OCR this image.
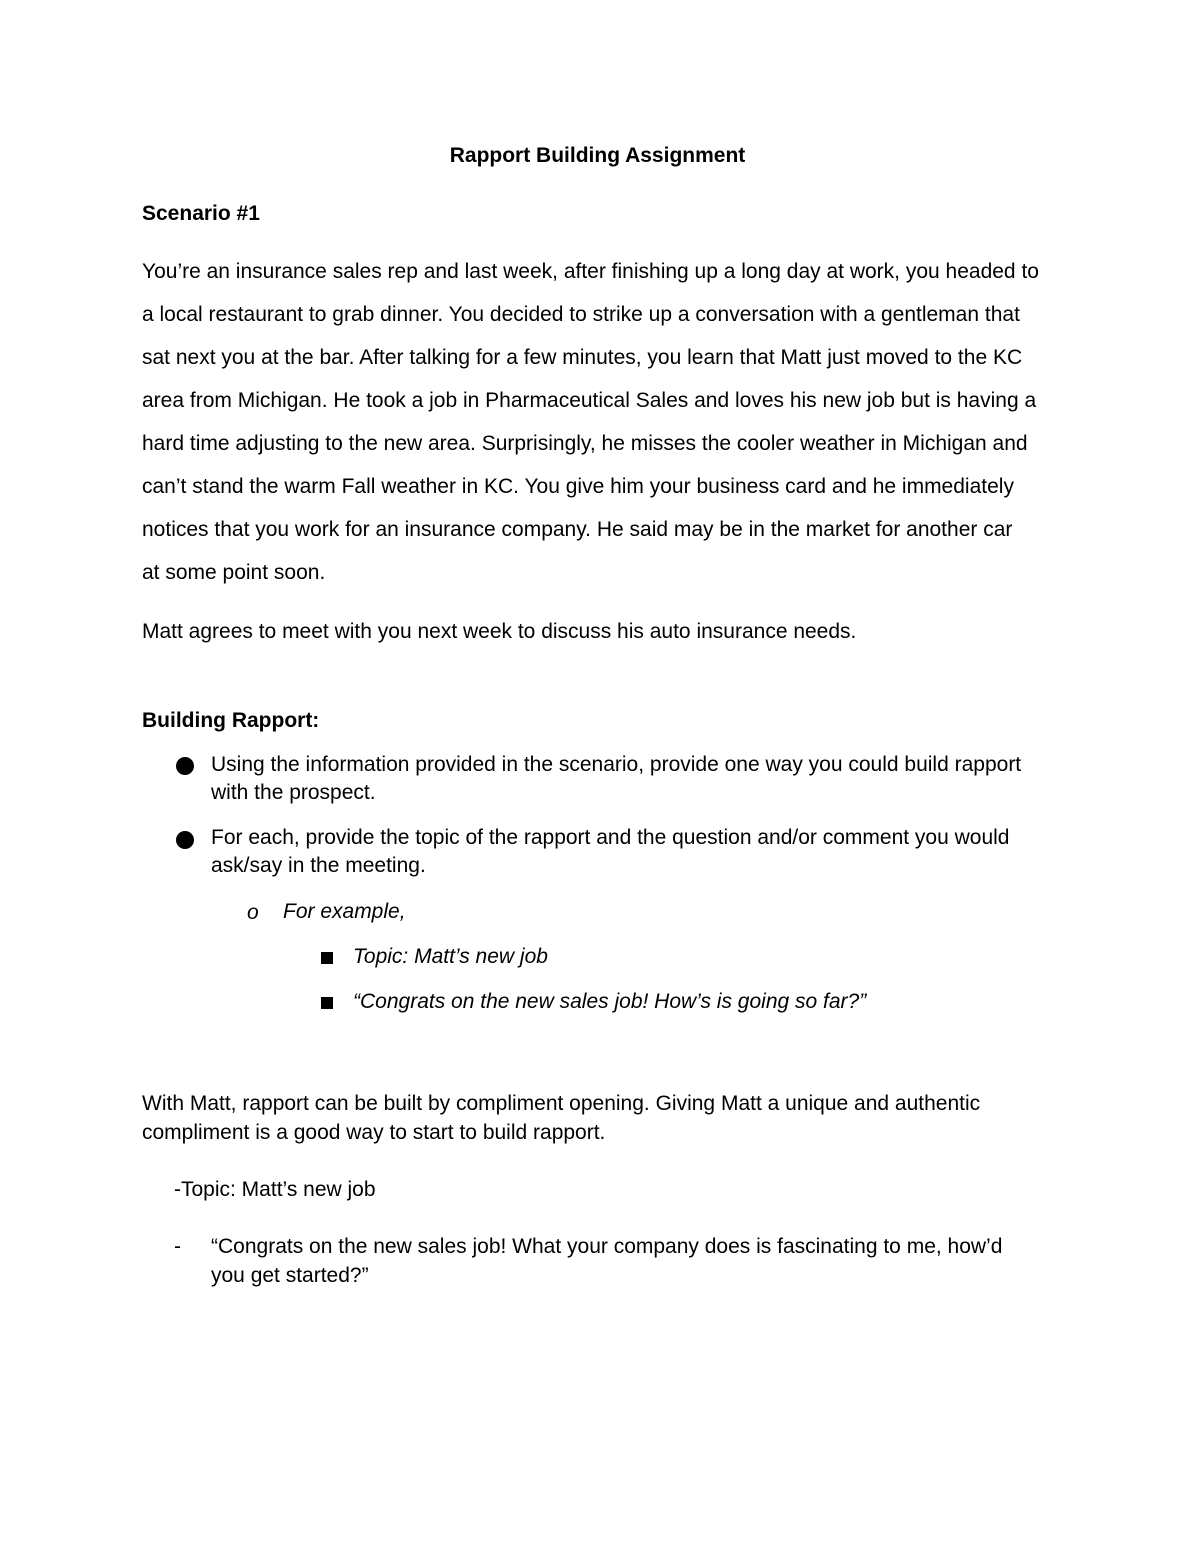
Rapport Building Assignment
Scenario #1
You’re an insurance sales rep and last week, after finishing up a long day at work, you headed to
a local restaurant to grab dinner. You decided to strike up a conversation with a gentleman that
sat next you at the bar. After talking for a few minutes, you learn that Matt just moved to the KC
area from Michigan. He took a job in Pharmaceutical Sales and loves his new job but is having a
hard time adjusting to the new area. Surprisingly, he misses the cooler weather in Michigan and
can’t stand the warm Fall weather in KC. You give him your business card and he immediately
notices that you work for an insurance company. He said may be in the market for another car
at some point soon.
Matt agrees to meet with you next week to discuss his auto insurance needs.
Building Rapport:
Using the information provided in the scenario, provide one way you could build rapport
with the prospect.
For each, provide the topic of the rapport and the question and/or comment you would
ask/say in the meeting.
o For example,
Topic: Matt’s new job
“Congrats on the new sales job! How’s is going so far?”
With Matt, rapport can be built by compliment opening. Giving Matt a unique and authentic
compliment is a good way to start to build rapport.
-Topic: Matt’s new job
- “Congrats on the new sales job! What your company does is fascinating to me, how’d
you get started?”
